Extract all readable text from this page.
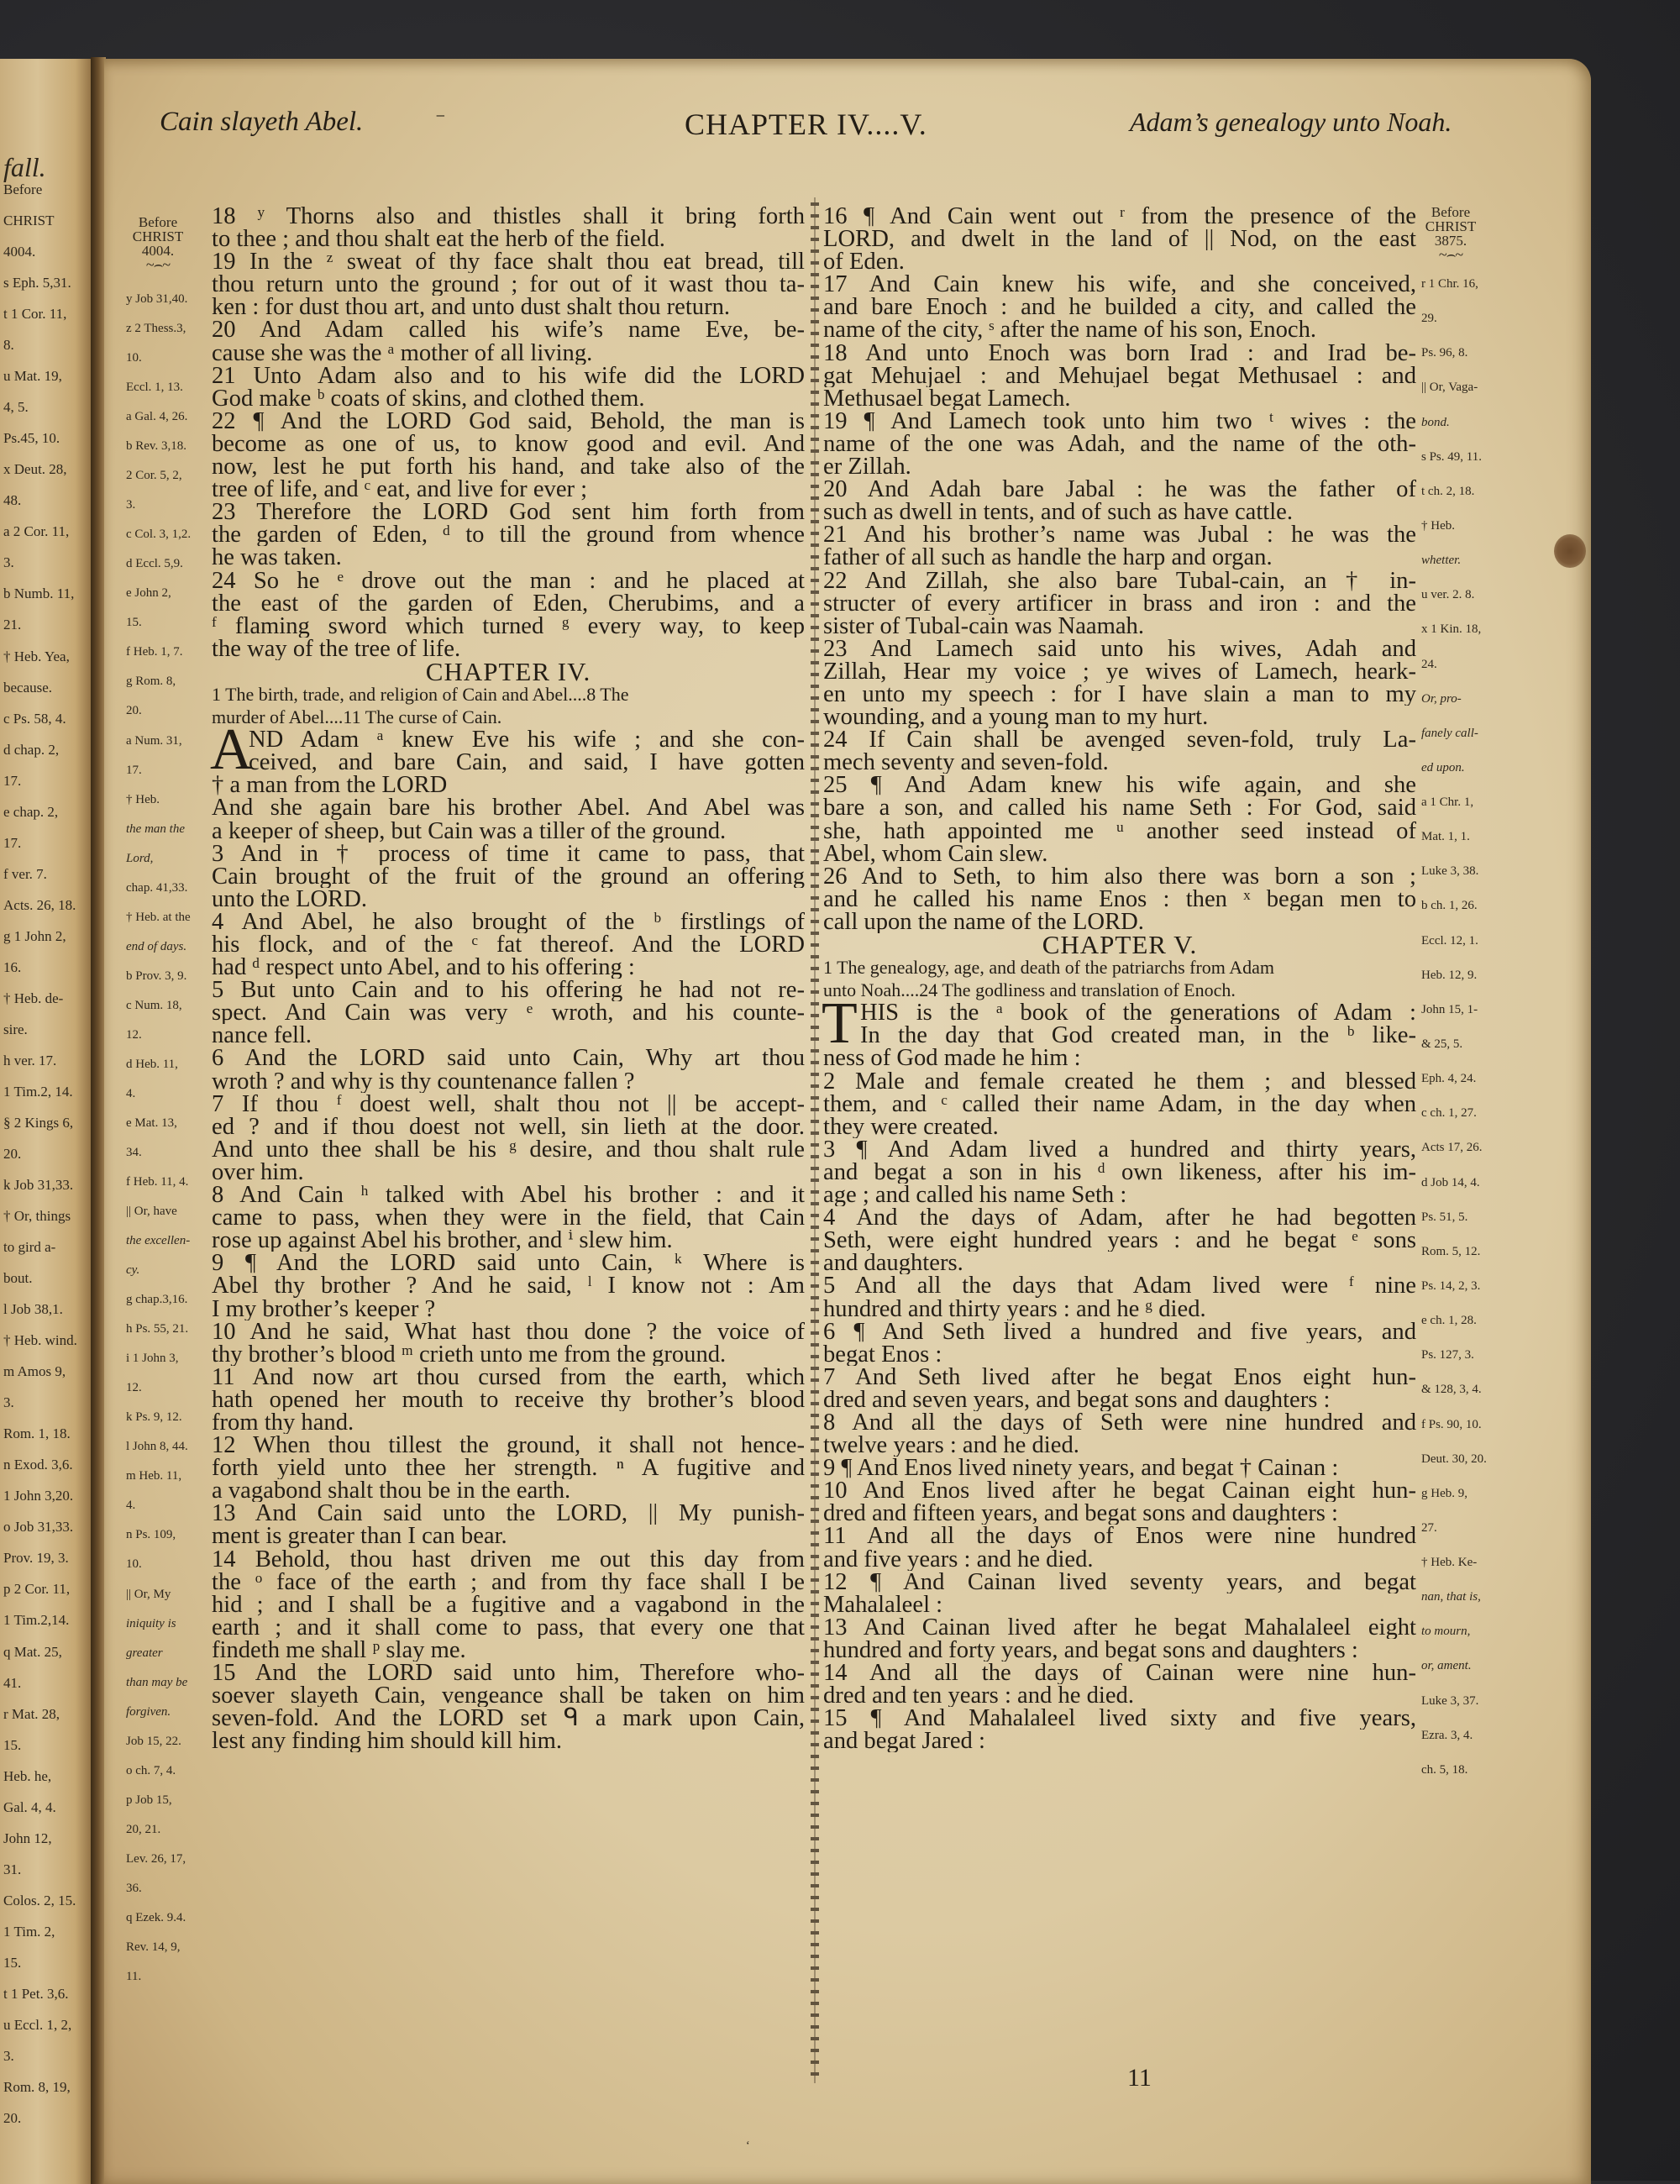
fall.
Before
CHRIST
4004.
s Eph. 5,31.
t 1 Cor. 11,
8.
u Mat. 19,
4, 5.
Ps.45, 10.
x Deut. 28,
48.
a 2 Cor. 11,
3.
b Numb. 11,
21.
† Heb. Yea,
because.
c Ps. 58, 4.
d chap. 2,
17.
e chap. 2,
17.
f ver. 7.
Acts. 26, 18.
g 1 John 2,
16.
† Heb. de-
sire.
h ver. 17.
1 Tim.2, 14.
§ 2 Kings 6,
20.
k Job 31,33.
† Or, things
to gird a-
bout.
l Job 38,1.
† Heb. wind.
m Amos 9,
3.
Rom. 1, 18.
n Exod. 3,6.
1 John 3,20.
o Job 31,33.
Prov. 19, 3.
p 2 Cor. 11,
1 Tim.2,14.
q Mat. 25,
41.
r Mat. 28,
15.
Heb. he,
Gal. 4, 4.
John 12,
31.
Colos. 2, 15.
1 Tim. 2,
15.
t 1 Pet. 3,6.
u Eccl. 1, 2,
3.
Rom. 8, 19,
20.
Cain slayeth Abel.	⁻	CHAPTER IV....V.	Adam’s genealogy unto Noah.
Before
CHRIST
4004.
~⌢~
Before
CHRIST
3875.
~⌢~
y Job 31,40.
z 2 Thess.3,
10.
Eccl. 1, 13.
a Gal. 4, 26.
b Rev. 3,18.
2 Cor. 5, 2,
3.
c Col. 3, 1,2.
d Eccl. 5,9.
e John 2,
15.
f Heb. 1, 7.
g Rom. 8,
20.
a Num. 31,
17.
† Heb.
the man the
Lord,
chap. 41,33.
† Heb. at the
end of days.
b Prov. 3, 9.
c Num. 18,
12.
d Heb. 11,
4.
e Mat. 13,
34.
f Heb. 11, 4.
|| Or, have
the excellen-
cy.
g chap.3,16.
h Ps. 55, 21.
i 1 John 3,
12.
k Ps. 9, 12.
l John 8, 44.
m Heb. 11,
4.
n Ps. 109,
10.
|| Or, My
iniquity is
greater
than may be
forgiven.
Job 15, 22.
o ch. 7, 4.
p Job 15,
20, 21.
Lev. 26, 17,
36.
q Ezek. 9.4.
Rev. 14, 9,
11.
r 1 Chr. 16,
29.
Ps. 96, 8.
|| Or, Vaga-
bond.
s Ps. 49, 11.
t ch. 2, 18.
† Heb.
whetter.
u ver. 2. 8.
x 1 Kin. 18,
24.
Or, pro-
fanely call-
ed upon.
a 1 Chr. 1,
Mat. 1, 1.
Luke 3, 38.
b ch. 1, 26.
Eccl. 12, 1.
Heb. 12, 9.
John 15, 1-
& 25, 5.
Eph. 4, 24.
c ch. 1, 27.
Acts 17, 26.
d Job 14, 4.
Ps. 51, 5.
Rom. 5, 12.
Ps. 14, 2, 3.
e ch. 1, 28.
Ps. 127, 3.
& 128, 3, 4.
f Ps. 90, 10.
Deut. 30, 20.
g Heb. 9,
27.
† Heb. Ke-
nan, that is,
to mourn,
or, ament.
Luke 3, 37.
Ezra. 3, 4.
ch. 5, 18.
18 ʸ Thorns also and thistles shall it bring forth
to thee ; and thou shalt eat the herb of the field.
19 In the ᶻ sweat of thy face shalt thou eat bread, till
thou return unto the ground ; for out of it wast thou ta-
ken : for dust thou art, and unto dust shalt thou return.
20 And Adam called his wife’s name Eve, be-
cause she was the ᵃ mother of all living.
21 Unto Adam also and to his wife did the LORD
God make ᵇ coats of skins, and clothed them.
22 ¶ And the LORD God said, Behold, the man is
become as one of us, to know good and evil. And
now, lest he put forth his hand, and take also of the
tree of life, and ᶜ eat, and live for ever ;
23 Therefore the LORD God sent him forth from
the garden of Eden, ᵈ to till the ground from whence
he was taken.
24 So he ᵉ drove out the man : and he placed at
the east of the garden of Eden, Cherubims, and a
ᶠ flaming sword which turned ᵍ every way, to keep
the way of the tree of life.
CHAPTER IV.
1 The birth, trade, and religion of Cain and Abel....8 The
murder of Abel....11 The curse of Cain.
ND Adam ᵃ knew Eve his wife ; and she con-
ceived, and bare Cain, and said, I have gotten
† a man from the LORD
And she again bare his brother Abel. And Abel was
a keeper of sheep, but Cain was a tiller of the ground.
3 And in † process of time it came to pass, that
Cain brought of the fruit of the ground an offering
unto the LORD.
4 And Abel, he also brought of the ᵇ firstlings of
his flock, and of the ᶜ fat thereof. And the LORD
had ᵈ respect unto Abel, and to his offering :
5 But unto Cain and to his offering he had not re-
spect. And Cain was very ᵉ wroth, and his counte-
nance fell.
6 And the LORD said unto Cain, Why art thou
wroth ? and why is thy countenance fallen ?
7 If thou ᶠ doest well, shalt thou not || be accept-
ed ? and if thou doest not well, sin lieth at the door.
And unto thee shall be his ᵍ desire, and thou shalt rule
over him.
8 And Cain ʰ talked with Abel his brother : and it
came to pass, when they were in the field, that Cain
rose up against Abel his brother, and ⁱ slew him.
9 ¶ And the LORD said unto Cain, ᵏ Where is
Abel thy brother ? And he said, ˡ I know not : Am
I my brother’s keeper ?
10 And he said, What hast thou done ? the voice of
thy brother’s blood ᵐ crieth unto me from the ground.
11 And now art thou cursed from the earth, which
hath opened her mouth to receive thy brother’s blood
from thy hand.
12 When thou tillest the ground, it shall not hence-
forth yield unto thee her strength. ⁿ A fugitive and
a vagabond shalt thou be in the earth.
13 And Cain said unto the LORD, || My punish-
ment is greater than I can bear.
14 Behold, thou hast driven me out this day from
the ᵒ face of the earth ; and from thy face shall I be
hid ; and I shall be a fugitive and a vagabond in the
earth ; and it shall come to pass, that every one that
findeth me shall ᵖ slay me.
15 And the LORD said unto him, Therefore who-
soever slayeth Cain, vengeance shall be taken on him
seven-fold. And the LORD set ᑫ a mark upon Cain,
lest any finding him should kill him.
A
16 ¶ And Cain went out ʳ from the presence of the
LORD, and dwelt in the land of || Nod, on the east
of Eden.
17 And Cain knew his wife, and she conceived,
and bare Enoch : and he builded a city, and called the
name of the city, ˢ after the name of his son, Enoch.
18 And unto Enoch was born Irad : and Irad be-
gat Mehujael : and Mehujael begat Methusael : and
Methusael begat Lamech.
19 ¶ And Lamech took unto him two ᵗ wives : the
name of the one was Adah, and the name of the oth-
er Zillah.
20 And Adah bare Jabal : he was the father of
such as dwell in tents, and of such as have cattle.
21 And his brother’s name was Jubal : he was the
father of all such as handle the harp and organ.
22 And Zillah, she also bare Tubal-cain, an † in-
structer of every artificer in brass and iron : and the
sister of Tubal-cain was Naamah.
23 And Lamech said unto his wives, Adah and
Zillah, Hear my voice ; ye wives of Lamech, heark-
en unto my speech : for I have slain a man to my
wounding, and a young man to my hurt.
24 If Cain shall be avenged seven-fold, truly La-
mech seventy and seven-fold.
25 ¶ And Adam knew his wife again, and she
bare a son, and called his name Seth : For God, said
she, hath appointed me ᵘ another seed instead of
Abel, whom Cain slew.
26 And to Seth, to him also there was born a son ;
and he called his name Enos : then ˣ began men to
call upon the name of the LORD.
CHAPTER V.
1 The genealogy, age, and death of the patriarchs from Adam
unto Noah....24 The godliness and translation of Enoch.
HIS is the ᵃ book of the generations of Adam :
In the day that God created man, in the ᵇ like-
ness of God made he him :
2 Male and female created he them ; and blessed
them, and ᶜ called their name Adam, in the day when
they were created.
3 ¶ And Adam lived a hundred and thirty years,
and begat a son in his ᵈ own likeness, after his im-
age ; and called his name Seth :
4 And the days of Adam, after he had begotten
Seth, were eight hundred years : and he begat ᵉ sons
and daughters.
5 And all the days that Adam lived were ᶠ nine
hundred and thirty years : and he ᵍ died.
6 ¶ And Seth lived a hundred and five years, and
begat Enos :
7 And Seth lived after he begat Enos eight hun-
dred and seven years, and begat sons and daughters :
8 And all the days of Seth were nine hundred and
twelve years : and he died.
9 ¶ And Enos lived ninety years, and begat † Cainan :
10 And Enos lived after he begat Cainan eight hun-
dred and fifteen years, and begat sons and daughters :
11 And all the days of Enos were nine hundred
and five years : and he died.
12 ¶ And Cainan lived seventy years, and begat
Mahalaleel :
13 And Cainan lived after he begat Mahalaleel eight
hundred and forty years, and begat sons and daughters :
14 And all the days of Cainan were nine hun-
dred and ten years : and he died.
15 ¶ And Mahalaleel lived sixty and five years,
and begat Jared :
T
11
‘
